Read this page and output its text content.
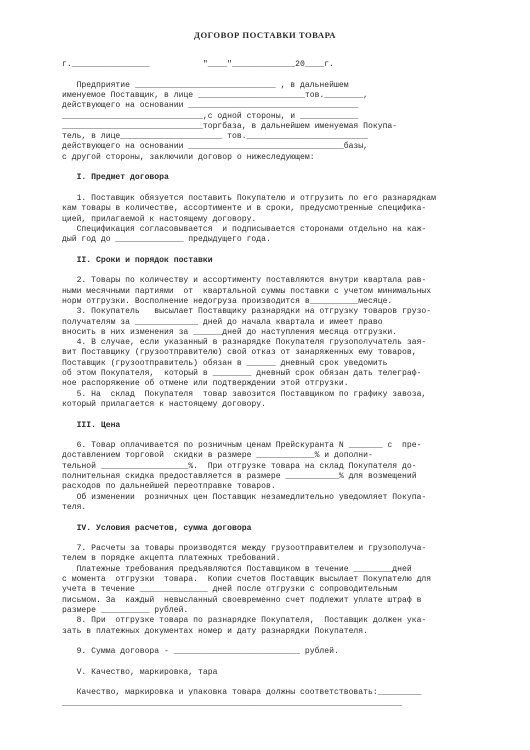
ДОГОВОР ПОСТАВКИ ТОВАРА
г.________________           "____"_____________20____г.
Предприятие _____________________________ , в дальнейшем
именуемое Поставщик, в лице ______________________тов.________,
действующего на основании ___________________________________
_____________________________,с одной стороны, и ____________
_____________________________торгбаза, в дальнейшем именуемая Покупа-
тель, в лице_____________________ тов._________________________
действующего на основании ________________________________базы,
с другой стороны, заключили договор о нижеследующем:
I. Предмет договора
1. Поставщик обязуется поставить Покупателю и отгрузить по его разнарядкам
кам товары в количестве, ассортименте и в сроки, предусмотренные специфика-
цией, прилагаемой к настоящему договору.
Спецификация согласовывается  и подписывается сторонами отдельно на каж-
дый год до ______________ предыдущего года.
II. Сроки и порядок поставки
2. Товары по количеству и ассортименту поставляются внутри квартала рав-
ными месячными партиями  от  квартальной суммы поставки с учетом минимальных
норм отгрузки. Восполнение недогруза производится в__________месяце.
3. Покупатель   высылает Поставщику разнарядки на отгрузку товаров грузо-
получателям за _____________ дней до начала квартала и имеет право
вносить в них изменения за ______дней до наступления месяца отгрузки.
4. В случае, если указанный в разнарядке Покупателя грузополучатель зая-
вит Поставщику (грузоотправителю) свой отказ от занаряженных ему товаров,
Поставщик (грузоотправитель) обязан в ______ дневный срок уведомить
об этом Покупателя,  который в ________ дневный срок обязан дать телеграф-
ное распоряжение об отмене или подтверждении этой отгрузки.
5. На  склад  Покупателя  товар завозится Поставщиком по графику завоза,
который прилагается к настоящему договору.
III. Цена
6. Товар оплачивается по розничным ценам Прейскуранта N _______ с  пре-
доставлением торговой  скидки в размере ____________% и дополни-
тельной __________________%.  При отгрузке товара на склад Покупателя до-
полнительная скидка предоставляется в размере ___________% для возмещений
расходов по дальнейшей переотправке товаров.
Об изменении  розничных цен Поставщик незамедлительно уведомляет Покупа-
теля.
IV. Условия расчетов, сумма договора
7. Расчеты за товары производятся между грузоотправителем и грузополуча-
телем в порядке акцепта платежных требований.
Платежные требования предъявляются Поставщиком в течение ________дней
с момента  отгрузки  товара.  Копии счетов Поставщик высылает Покупателю для
учета в течение ______________ дней после отгрузки с сопроводительным
письмом. За  каждый  невысланный своевременно счет подлежит уплате штраф в
размере __________ рублей.
8. При  отгрузке товара по разнарядке Покупателя,  Поставщик должен ука-
зать в платежных документах номер и дату разнарядки Покупателя.
9. Сумма договора - __________________________ рублей.
V. Качество, маркировка, тара
Качество, маркировка и упаковка товара должны соответствовать:_________
______________________________________________________________________
